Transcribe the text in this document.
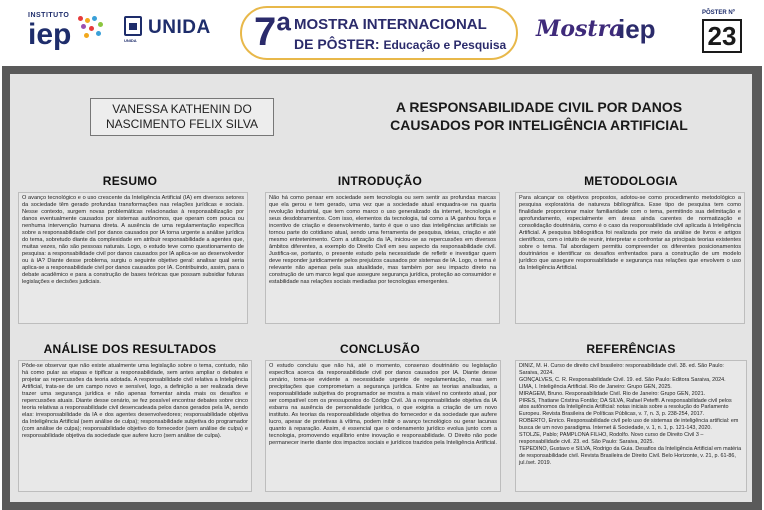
INSTITUTO
iep	UNIDA
UNIDA 7ª MOSTRA INTERNACIONAL
DE PÔSTER: Educação e Pesquisa
Mostra
iep
PÔSTER Nº
23
VANESSA KATHENIN DO NASCIMENTO FELIX SILVA
A RESPONSABILIDADE CIVIL POR DANOS CAUSADOS POR INTELIGÊNCIA ARTIFICIAL
RESUMO
O avanço tecnológico e o uso crescente da Inteligência Artificial (IA) em diversos setores da sociedade têm gerado profundas transformações nas relações jurídicas e sociais. Nesse contexto, surgem novas problemáticas relacionadas à responsabilização por danos eventualmente causados por sistemas autônomos, que operam com pouca ou nenhuma intervenção humana direta. A ausência de uma regulamentação específica sobre a responsabilidade civil por danos causados por IA torna urgente a análise jurídica do tema, sobretudo diante da complexidade em atribuir responsabilidade a agentes que, muitas vezes, não são pessoas naturais. Logo, o estudo teve como questionamento de pesquisa: a responsabilidade civil por danos causados por IA aplica-se ao desenvolvedor ou à IA? Diante desse problema, surgiu o seguinte objetivo geral: analisar qual seria aplica-se a responsabilidade civil por danos causados por IA. Contribuindo, assim, para o debate acadêmico e para a construção de bases teóricas que possam subsidiar futuras legislações e decisões judiciais.
INTRODUÇÃO
Não há como pensar em sociedade sem tecnologia ou sem sentir as profundas marcas que ela gerou e tem gerado, uma vez que a sociedade atual enquadra-se na quarta revolução industrial, que tem como marco o uso generalizado da internet, tecnologia e seus desdobramentos. Com isso, elementos da tecnologia, tal como a IA ganhou força e incentivo de criação e desenvolvimento, tanto é que o uso das inteligências artificiais se tornou parte do cotidiano atual, sendo uma ferramenta de pesquisa, ideias, criação e até mesmo entretenimento. Com a utilização da IA, iniciou-se as repercussões em diversos âmbitos diferentes, a exemplo do Direito Civil em seu aspecto da responsabilidade civil. Justifica-se, portanto, o presente estudo pela necessidade de refletir e investigar quem deve responder juridicamente pelos prejuízos causados por sistemas de IA. Logo, o tema é relevante não apenas pela sua atualidade, mas também por seu impacto direto na construção de um marco legal que assegure segurança jurídica, proteção ao consumidor e estabilidade nas relações sociais mediadas por tecnologias emergentes.
METODOLOGIA
Para alcançar os objetivos propostos, adotou-se como procedimento metodológico a pesquisa exploratória de natureza bibliográfica. Esse tipo de pesquisa tem como finalidade proporcionar maior familiaridade com o tema, permitindo sua delimitação e aprofundamento, especialmente em áreas ainda carentes de normatização e consolidação doutrinária, como é o caso da responsabilidade civil aplicada à Inteligência Artificial. A pesquisa bibliográfica foi realizada por meio da análise de livros e artigos científicos, com o intuito de reunir, interpretar e confrontar as principais teorias existentes sobre o tema. Tal abordagem permitiu compreender os diferentes posicionamentos doutrinários e identificar os desafios enfrentados para a construção de um modelo jurídico que assegure responsabilidade e segurança nas relações que envolvem o uso da Inteligência Artificial.
ANÁLISE DOS RESULTADOS
Pôde-se observar que não existe atualmente uma legislação sobre o tema, contudo, não há como pular as etapas e tipificar a responsabilidade, sem antes ampliar o debates e projetar as repercussões da teoria adotada. A responsabilidade civil relativa a Inteligência Artificial, trata-se de um campo novo e sensível, logo, a definição a ser realizada deve trazer uma segurança jurídica e não apenas fomentar ainda mais os desafios e repercussões atuais. Diante desse cenário, se fez possível encontrar debates sobre cinco teoria relativas a responsabilidade civil desencadeada pelos danos gerados pela IA, sendo elas: irresponsabilidade da IA e dos agentes desenvolvedores; responsabilidade objetiva da Inteligência Artificial (sem análise de culpa); responsabilidade subjetiva do programador (com análise de culpa); responsabilidade objetivo do fornecedor (sem análise de culpa) e responsabilidade objetiva da sociedade que aufere lucro (sem análise de culpa).
CONCLUSÃO
O estudo concluiu que não há, até o momento, consenso doutrinário ou legislação específica acerca da responsabilidade civil por danos causados por IA. Diante desse cenário, torna-se evidente a necessidade urgente de regulamentação, mas sem precipitações que comprometam a segurança jurídica. Entre as teorias analisadas, a responsabilidade subjetiva do programador se mostra a mais viável no contexto atual, por ser compatível com os pressupostos do Código Civil. Já a responsabilidade objetiva da IA esbarra na ausência de personalidade jurídica, o que exigiria a criação de um novo instituto. As teorias da responsabilidade objetiva do fornecedor e da sociedade que aufere lucro, apesar de protetivas à vítima, podem inibir o avanço tecnológico ou gerar lacunas quanto à reparação. Assim, é essencial que o ordenamento jurídico evolua junto com a tecnologia, promovendo equilíbrio entre inovação e responsabilidade. O Direito não pode permanecer inerte diante dos impactos sociais e jurídicos trazidos pela Inteligência Artificial.
REFERÊNCIAS
DINIZ, M. H. Curso de direito civil brasileiro: responsabilidade civil. 38. ed. São Paulo: Saraiva, 2024.
GONÇALVES, C. R. Responsabilidade Civil. 19. ed. São Paulo: Editora Saraiva, 2024.
LIMA, I. Inteligência Artificial. Rio de Janeiro: Grupo GEN, 2025.
MIRAGEM, Bruno. Responsabilidade Civil. Rio de Janeiro: Grupo GEN, 2021.
PIRES, Thatiane Cristina Fontão; DA SILVA, Rafael Peteffi. A responsabilidade civil pelos atos autônomos da Inteligência Artificial: notas iniciais sobre a resolução do Parlamento Europeu. Revista Brasileira de Políticas Públicas, v. 7, n. 3, p. 238-254, 2017.
ROBERTO, Enrico. Responsabilidade civil pelo uso de sistemas de inteligência artificial: em busca de um novo paradigma. Internet & Sociedade, v. 1, n. 1, p. 121-143, 2020.
STOLZE, Pablo; PAMPLONA FILHO, Rodolfo. Novo curso de Direito Civil 3 – responsabilidade civil. 23. ed. São Paulo: Saraiva, 2025.
TEPEDINO, Gustavo e SILVA, Rodrigo da Guia. Desafios da Inteligência Artificial em matéria de responsabilidade civil. Revista Brasileira de Direito Civil. Belo Horizonte, v. 21, p. 61-86, jul./set. 2019.
